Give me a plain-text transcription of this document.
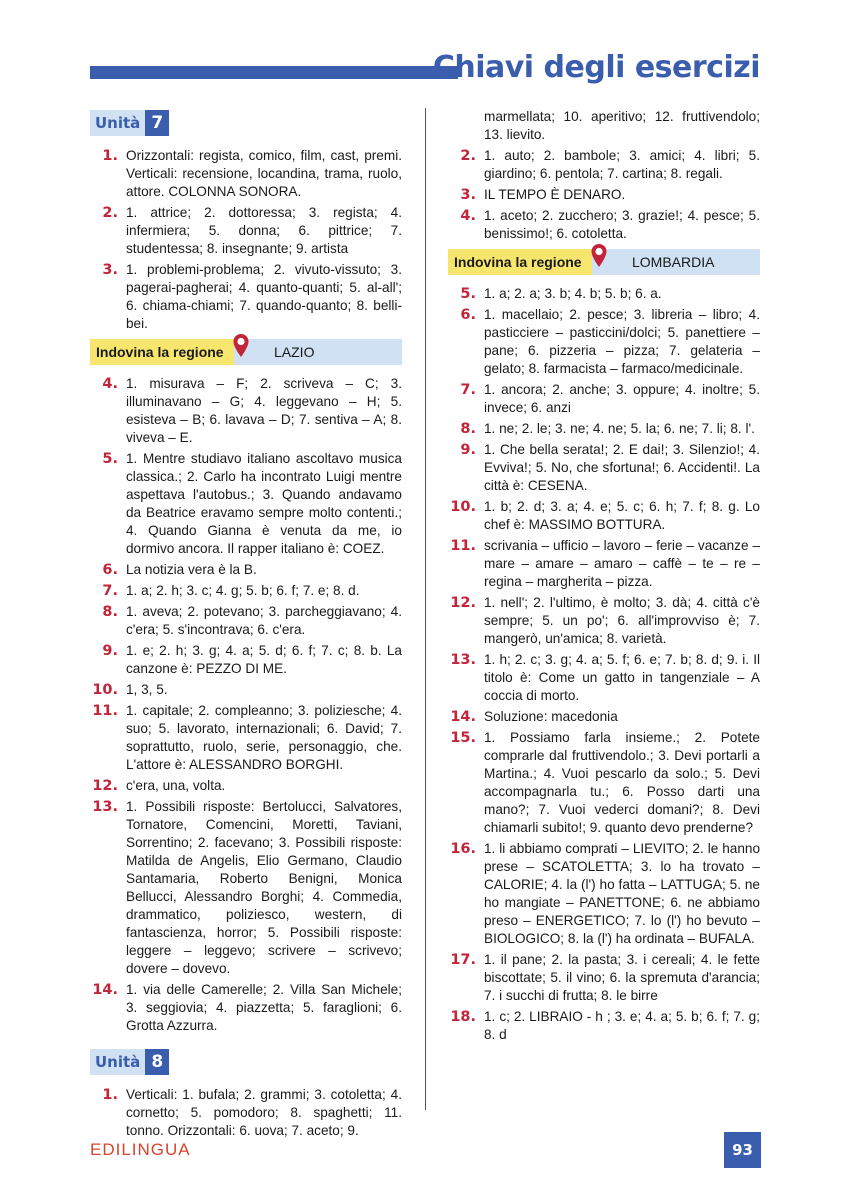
Chiavi degli esercizi
Unità 7
1. Orizzontali: regista, comico, film, cast, premi. Verticali: recensione, locandina, trama, ruolo, attore. COLONNA SONORA.
2. 1. attrice; 2. dottoressa; 3. regista; 4. infermiera; 5. donna; 6. pittrice; 7. studentessa; 8. insegnante; 9. artista
3. 1. problemi-problema; 2. vivuto-vissuto; 3. pagerai-pagherai; 4. quanto-quanti; 5. al-all'; 6. chiama-chiami; 7. quando-quanto; 8. belli-bei.
Indovina la regione	LAZIO
4. 1. misurava – F; 2. scriveva – C; 3. illuminavano – G; 4. leggevano – H; 5. esisteva – B; 6. lavava – D; 7. sentiva – A; 8. viveva – E.
5. 1. Mentre studiavo italiano ascoltavo musica classica.; 2. Carlo ha incontrato Luigi mentre aspettava l'autobus.; 3. Quando andavamo da Beatrice eravamo sempre molto contenti.; 4. Quando Gianna è venuta da me, io dormivo ancora. Il rapper italiano è: COEZ.
6. La notizia vera è la B.
7. 1. a; 2. h; 3. c; 4. g; 5. b; 6. f; 7. e; 8. d.
8. 1. aveva; 2. potevano; 3. parcheggiavano; 4. c'era; 5. s'incontrava; 6. c'era.
9. 1. e; 2. h; 3. g; 4. a; 5. d; 6. f; 7. c; 8. b. La canzone è: PEZZO DI ME.
10. 1, 3, 5.
11. 1. capitale; 2. compleanno; 3. poliziesche; 4. suo; 5. lavorato, internazionali; 6. David; 7. soprattutto, ruolo, serie, personaggio, che. L'attore è: ALESSANDRO BORGHI.
12. c'era, una, volta.
13. 1. Possibili risposte: Bertolucci, Salvatores, Tornatore, Comencini, Moretti, Taviani, Sorrentino; 2. facevano; 3. Possibili risposte: Matilda de Angelis, Elio Germano, Claudio Santamaria, Roberto Benigni, Monica Bellucci, Alessandro Borghi; 4. Commedia, drammatico, poliziesco, western, di fantascienza, horror; 5. Possibili risposte: leggere – leggevo; scrivere – scrivevo; dovere – dovevo.
14. 1. via delle Camerelle; 2. Villa San Michele; 3. seggiovia; 4. piazzetta; 5. faraglioni; 6. Grotta Azzurra.
Unità 8
1. Verticali: 1. bufala; 2. grammi; 3. cotoletta; 4. cornetto; 5. pomodoro; 8. spaghetti; 11. tonno. Orizzontali: 6. uova; 7. aceto; 9.
marmellata; 10. aperitivo; 12. fruttivendolo; 13. lievito.
2. 1. auto; 2. bambole; 3. amici; 4. libri; 5. giardino; 6. pentola; 7. cartina; 8. regali.
3. IL TEMPO È DENARO.
4. 1. aceto; 2. zucchero; 3. grazie!; 4. pesce; 5. benissimo!; 6. cotoletta.
Indovina la regione	LOMBARDIA
5. 1. a; 2. a; 3. b; 4. b; 5. b; 6. a.
6. 1. macellaio; 2. pesce; 3. libreria – libro; 4. pasticciere – pasticcini/dolci; 5. panettiere – pane; 6. pizzeria – pizza; 7. gelateria – gelato; 8. farmacista – farmaco/medicinale.
7. 1. ancora; 2. anche; 3. oppure; 4. inoltre; 5. invece; 6. anzi
8. 1. ne; 2. le; 3. ne; 4. ne; 5. la; 6. ne; 7. li; 8. l'.
9. 1. Che bella serata!; 2. E dai!; 3. Silenzio!; 4. Evviva!; 5. No, che sfortuna!; 6. Accidenti!. La città è: CESENA.
10. 1. b; 2. d; 3. a; 4. e; 5. c; 6. h; 7. f; 8. g. Lo chef è: MASSIMO BOTTURA.
11. scrivania – ufficio – lavoro – ferie – vacanze – mare – amare – amaro – caffè – te – re – regina – margherita – pizza.
12. 1. nell'; 2. l'ultimo, è molto; 3. dà; 4. città c'è sempre; 5. un po'; 6. all'improvviso è; 7. mangerò, un'amica; 8. varietà.
13. 1. h; 2. c; 3. g; 4. a; 5. f; 6. e; 7. b; 8. d; 9. i. Il titolo è: Come un gatto in tangenziale – A coccia di morto.
14. Soluzione: macedonia
15. 1. Possiamo farla insieme.; 2. Potete comprarle dal fruttivendolo.; 3. Devi portarli a Martina.; 4. Vuoi pescarlo da solo.; 5. Devi accompagnarla tu.; 6. Posso darti una mano?; 7. Vuoi vederci domani?; 8. Devi chiamarli subito!; 9. quanto devo prenderne?
16. 1. li abbiamo comprati – LIEVITO; 2. le hanno prese – SCATOLETTA; 3. lo ha trovato – CALORIE; 4. la (l') ho fatta – LATTUGA; 5. ne ho mangiate – PANETTONE; 6. ne abbiamo preso – ENERGETICO; 7. lo (l') ho bevuto – BIOLOGICO; 8. la (l') ha ordinata – BUFALA.
17. 1. il pane; 2. la pasta; 3. i cereali; 4. le fette biscottate; 5. il vino; 6. la spremuta d'arancia; 7. i succhi di frutta; 8. le birre
18. 1. c; 2. LIBRAIO - h ; 3. e; 4. a; 5. b; 6. f; 7. g; 8. d
EDILINGUA	93
